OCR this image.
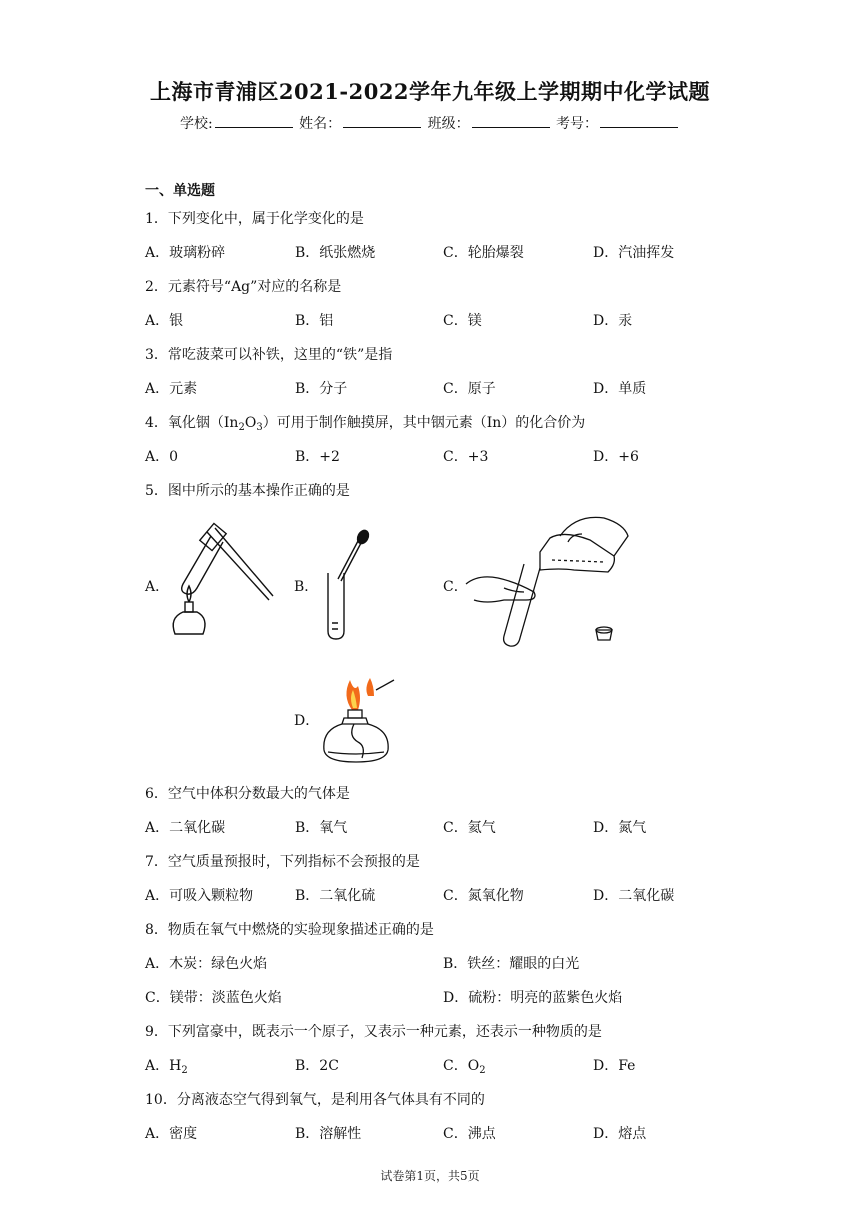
上海市青浦区2021-2022学年九年级上学期期中化学试题
学校:	姓名：	班级：	考号：
一、单选题
1．下列变化中，属于化学变化的是
A．玻璃粉碎	B．纸张燃烧	C．轮胎爆裂	D．汽油挥发
2．元素符号“Ag”对应的名称是
A．银	B．铝	C．镁	D．汞
3．常吃菠菜可以补铁，这里的“铁”是指
A．元素	B．分子	C．原子	D．单质
4．氧化铟$(In_2O_3)$可用于制作触摸屏，其中铟元素（In）的化合价为
A．0	B．+2	C．+3	D．+6
5．图中所示的基本操作正确的是
A．	B．	C．
D．
6．空气中体积分数最大的气体是
A．二氧化碳	B．氧气	C．氦气	D．氮气
7．空气质量预报时，下列指标不会预报的是
A．可吸入颗粒物	B．二氧化硫	C．氮氧化物	D．二氧化碳
8．物质在氧气中燃烧的实验现象描述正确的是
A．木炭：绿色火焰	B．铁丝：耀眼的白光
C．镁带：淡蓝色火焰	D．硫粉：明亮的蓝紫色火焰
9．下列富豪中，既表示一个原子，又表示一种元素，还表示一种物质的是
A．$H_2$	B．2C	C．$O_2$	D．Fe
10．分离液态空气得到氧气，是利用各气体具有不同的
A．密度	B．溶解性	C．沸点	D．熔点
试卷第1页，共5页
